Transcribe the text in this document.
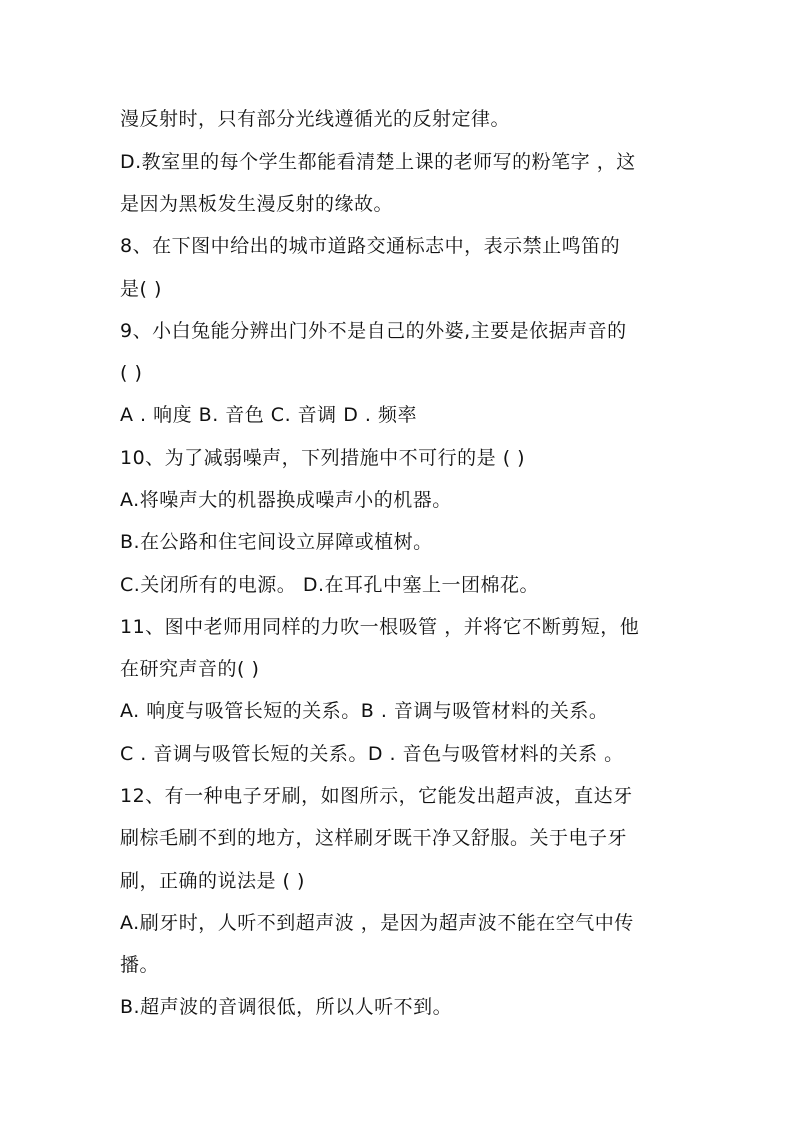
漫反射时，只有部分光线遵循光的反射定律。
D.教室里的每个学生都能看清楚上课的老师写的粉笔字 ，这
是因为黑板发生漫反射的缘故。
8、在下图中给出的城市道路交通标志中，表示禁止鸣笛的
是( )
9、小白兔能分辨出门外不是自己的外婆,主要是依据声音的
( )
A . 响度 B. 音色 C. 音调 D . 频率
10、为了减弱噪声，下列措施中不可行的是 ( )
A.将噪声大的机器换成噪声小的机器。
B.在公路和住宅间设立屏障或植树。
C.关闭所有的电源。 D.在耳孔中塞上一团棉花。
11、图中老师用同样的力吹一根吸管 ，并将它不断剪短，他
在研究声音的( )
A. 响度与吸管长短的关系。B . 音调与吸管材料的关系。
C . 音调与吸管长短的关系。D . 音色与吸管材料的关系 。
12、有一种电子牙刷，如图所示，它能发出超声波，直达牙
刷棕毛刷不到的地方，这样刷牙既干净又舒服。关于电子牙
刷，正确的说法是 ( )
A.刷牙时，人听不到超声波 ，是因为超声波不能在空气中传
播。
B.超声波的音调很低，所以人听不到。
